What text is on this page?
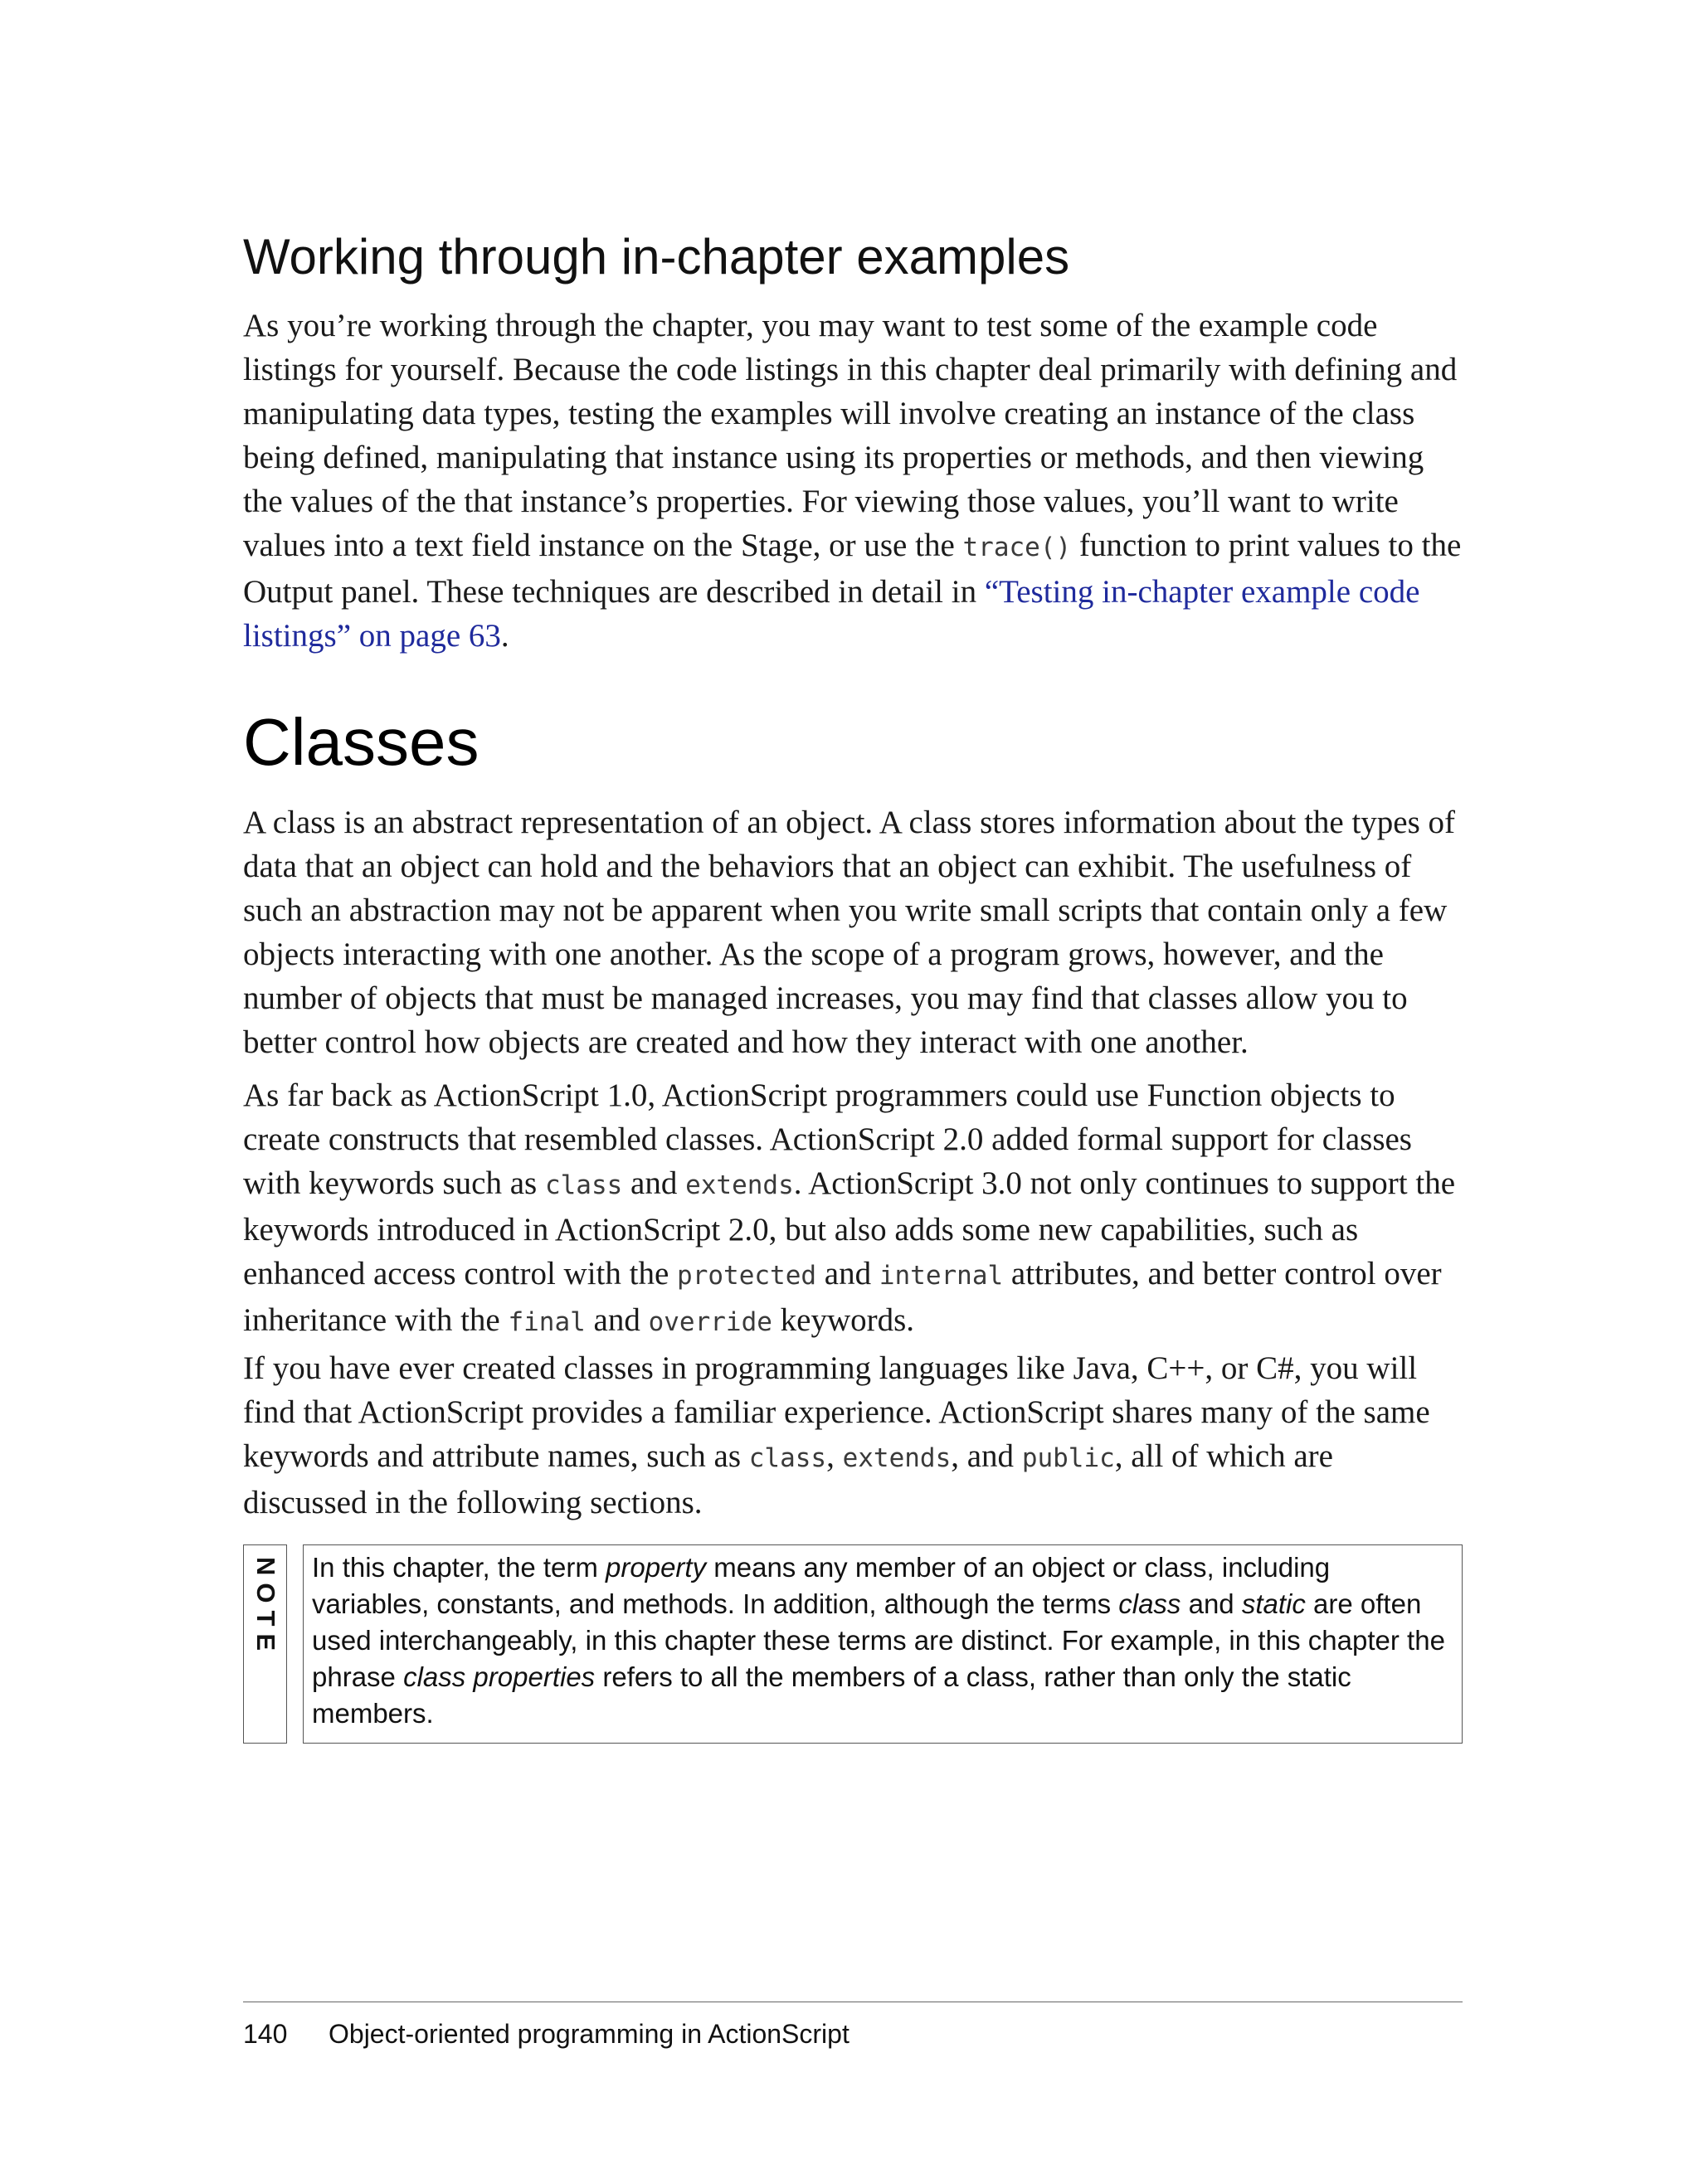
Working through in-chapter examples

As you’re working through the chapter, you may want to test some of the example code listings for yourself. Because the code listings in this chapter deal primarily with defining and manipulating data types, testing the examples will involve creating an instance of the class being defined, manipulating that instance using its properties or methods, and then viewing the values of the that instance’s properties. For viewing those values, you’ll want to write values into a text field instance on the Stage, or use the trace() function to print values to the Output panel. These techniques are described in detail in “Testing in-chapter example code listings” on page 63.

Classes

A class is an abstract representation of an object. A class stores information about the types of data that an object can hold and the behaviors that an object can exhibit. The usefulness of such an abstraction may not be apparent when you write small scripts that contain only a few objects interacting with one another. As the scope of a program grows, however, and the number of objects that must be managed increases, you may find that classes allow you to better control how objects are created and how they interact with one another.

As far back as ActionScript 1.0, ActionScript programmers could use Function objects to create constructs that resembled classes. ActionScript 2.0 added formal support for classes with keywords such as class and extends. ActionScript 3.0 not only continues to support the keywords introduced in ActionScript 2.0, but also adds some new capabilities, such as enhanced access control with the protected and internal attributes, and better control over inheritance with the final and override keywords.

If you have ever created classes in programming languages like Java, C++, or C#, you will find that ActionScript provides a familiar experience. ActionScript shares many of the same keywords and attribute names, such as class, extends, and public, all of which are discussed in the following sections.

NOTE	In this chapter, the term property means any member of an object or class, including variables, constants, and methods. In addition, although the terms class and static are often used interchangeably, in this chapter these terms are distinct. For example, in this chapter the phrase class properties refers to all the members of a class, rather than only the static members.
140 Object-oriented programming in ActionScript
